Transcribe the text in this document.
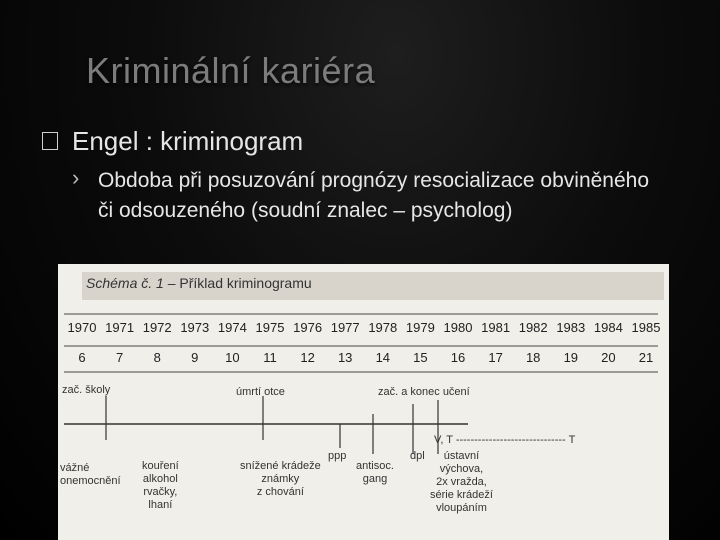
Kriminální kariéra
Engel : kriminogram
› Obdoba při posuzování prognózy resocializace obviněného či odsouzeného (soudní znalec – psycholog)
Schéma č. 1 – Příklad kriminogramu
1970 1971 1972 1973 1974 1975 1976 1977 1978 1979 1980 1981 1982 1983 1984 1985
6	7	8	9	10	11	12	13	14	15	16	17	18	19	20	21
zač. školy	úmrtí otce	zač. a konec učení
V, T ------------------------------ T
vážné
onemocnění
kouření
alkohol
rvačky,
lhaní
snížené krádeže
známky
z chování
ppp
antisoc.
gang
dpl	ústavní
výchova,
2x vražda,
série krádeží
vloupáním
